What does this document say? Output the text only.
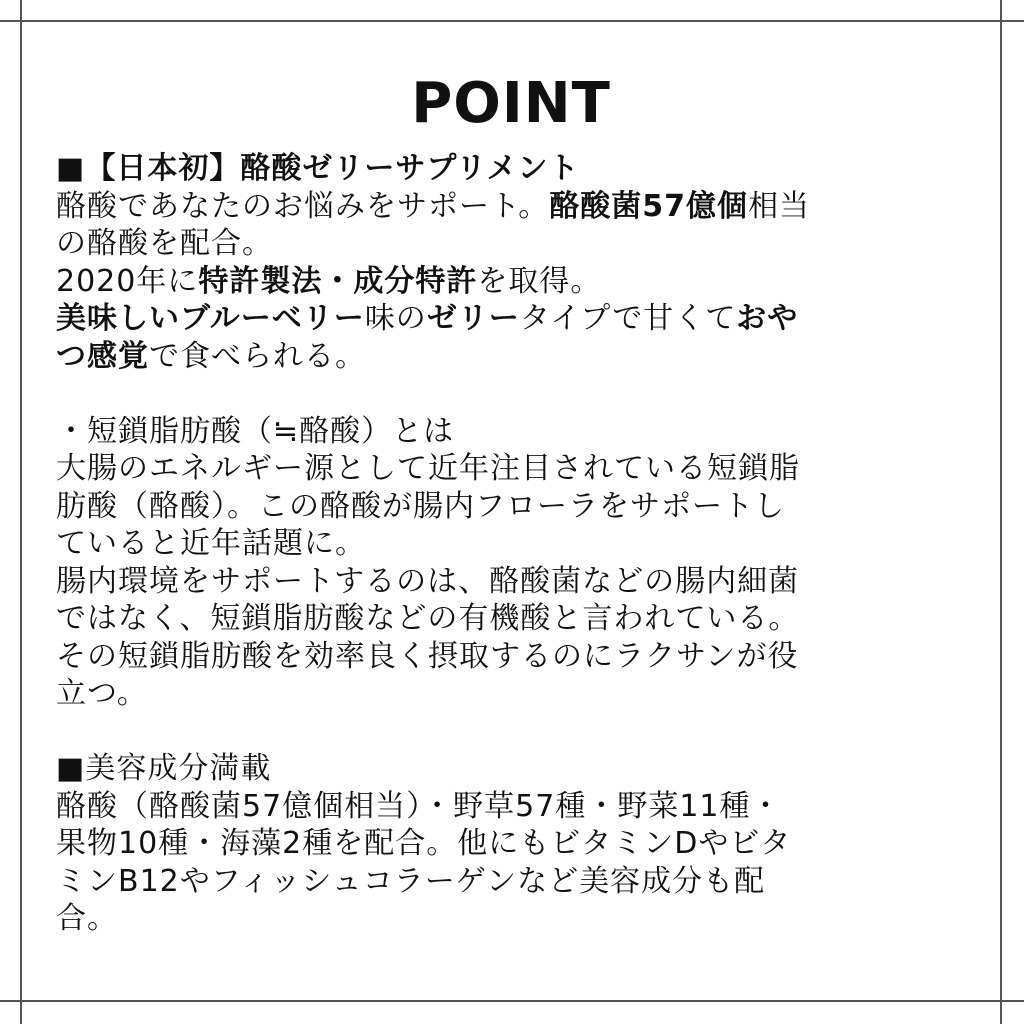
POINT
■【日本初】酪酸ゼリーサプリメント
酪酸であなたのお悩みをサポート。酪酸菌57億個相当
の酪酸を配合。
2020年に特許製法・成分特許を取得。
美味しいブルーベリー味のゼリータイプで甘くておや
つ感覚で食べられる。
・短鎖脂肪酸（≒酪酸）とは
大腸のエネルギー源として近年注目されている短鎖脂
肪酸（酪酸）。この酪酸が腸内フローラをサポートし
ていると近年話題に。
腸内環境をサポートするのは、酪酸菌などの腸内細菌
ではなく、短鎖脂肪酸などの有機酸と言われている。
その短鎖脂肪酸を効率良く摂取するのにラクサンが役
立つ。
■美容成分満載
酪酸（酪酸菌57億個相当）・野草57種・野菜11種・
果物10種・海藻2種を配合。他にもビタミンDやビタ
ミンB12やフィッシュコラーゲンなど美容成分も配
合。
